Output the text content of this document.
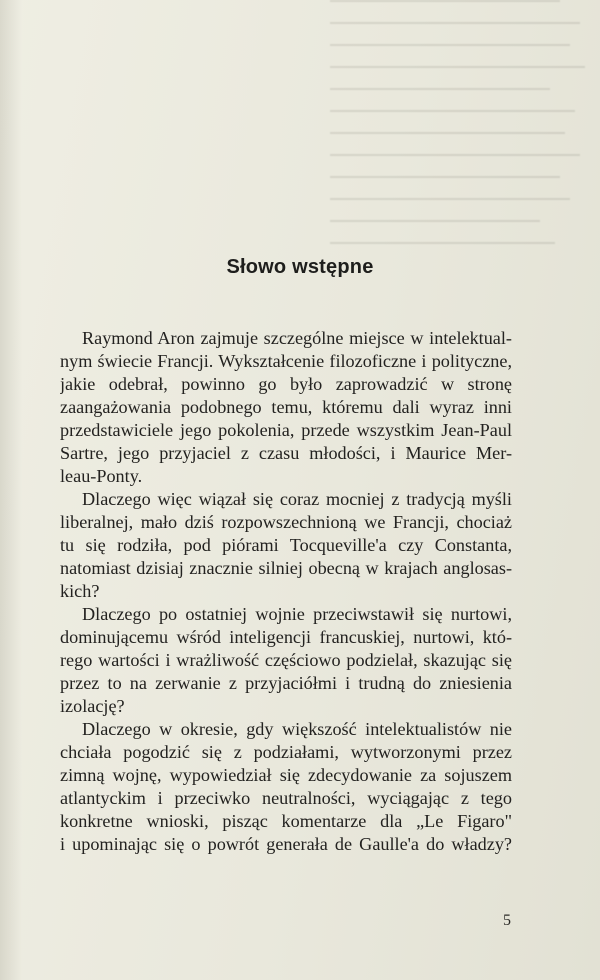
Słowo wstępne

Raymond Aron zajmuje szczególne miejsce w intelektual-
nym świecie Francji. Wykształcenie filozoficzne i polityczne,
jakie odebrał, powinno go było zaprowadzić w stronę
zaangażowania podobnego temu, któremu dali wyraz inni
przedstawiciele jego pokolenia, przede wszystkim Jean-Paul
Sartre, jego przyjaciel z czasu młodości, i Maurice Mer-
leau-Ponty.

Dlaczego więc wiązał się coraz mocniej z tradycją myśli
liberalnej, mało dziś rozpowszechnioną we Francji, chociaż
tu się rodziła, pod piórami Tocqueville'a czy Constanta,
natomiast dzisiaj znacznie silniej obecną w krajach anglosas-
kich?

Dlaczego po ostatniej wojnie przeciwstawił się nurtowi,
dominującemu wśród inteligencji francuskiej, nurtowi, któ-
rego wartości i wrażliwość częściowo podzielał, skazując się
przez to na zerwanie z przyjaciółmi i trudną do zniesienia
izolację?

Dlaczego w okresie, gdy większość intelektualistów nie
chciała pogodzić się z podziałami, wytworzonymi przez
zimną wojnę, wypowiedział się zdecydowanie za sojuszem
atlantyckim i przeciwko neutralności, wyciągając z tego
konkretne wnioski, pisząc komentarze dla „Le Figaro"
i upominając się o powrót generała de Gaulle'a do władzy?

5
